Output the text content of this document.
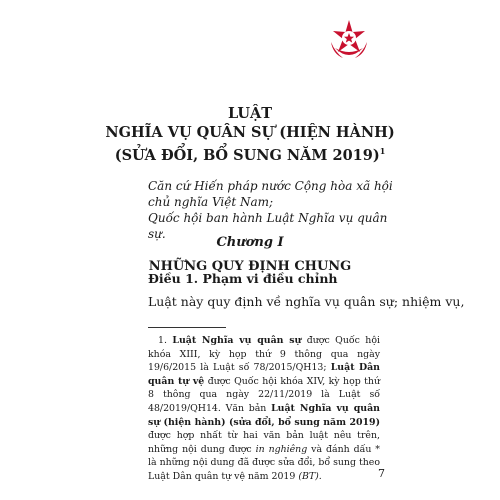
LUẬT
NGHĨA VỤ QUÂN SỰ (HIỆN HÀNH)
(SỬA ĐỔI, BỔ SUNG NĂM 2019)$^1$

Căn cứ Hiến pháp nước Cộng hòa xã hội chủ nghĩa Việt Nam;

Quốc hội ban hành Luật Nghĩa vụ quân sự.

Chương I
NHỮNG QUY ĐỊNH CHUNG
Điều 1. Phạm vi điều chỉnh
Luật này quy định về nghĩa vụ quân sự; nhiệm vụ,

1. Luật Nghĩa vụ quân sự được Quốc hội khóa XIII, kỳ họp thứ 9 thông qua ngày 19/6/2015 là Luật số 78/2015/QH13; Luật Dân quân tự vệ được Quốc hội khóa XIV, kỳ họp thứ 8 thông qua ngày 22/11/2019 là Luật số 48/2019/QH14. Văn bản Luật Nghĩa vụ quân sự (hiện hành) (sửa đổi, bổ sung năm 2019) được hợp nhất từ hai văn bản luật nêu trên, những nội dung được in nghiêng và đánh dấu * là những nội dung đã được sửa đổi, bổ sung theo Luật Dân quân tự vệ năm 2019 (BT).	7
